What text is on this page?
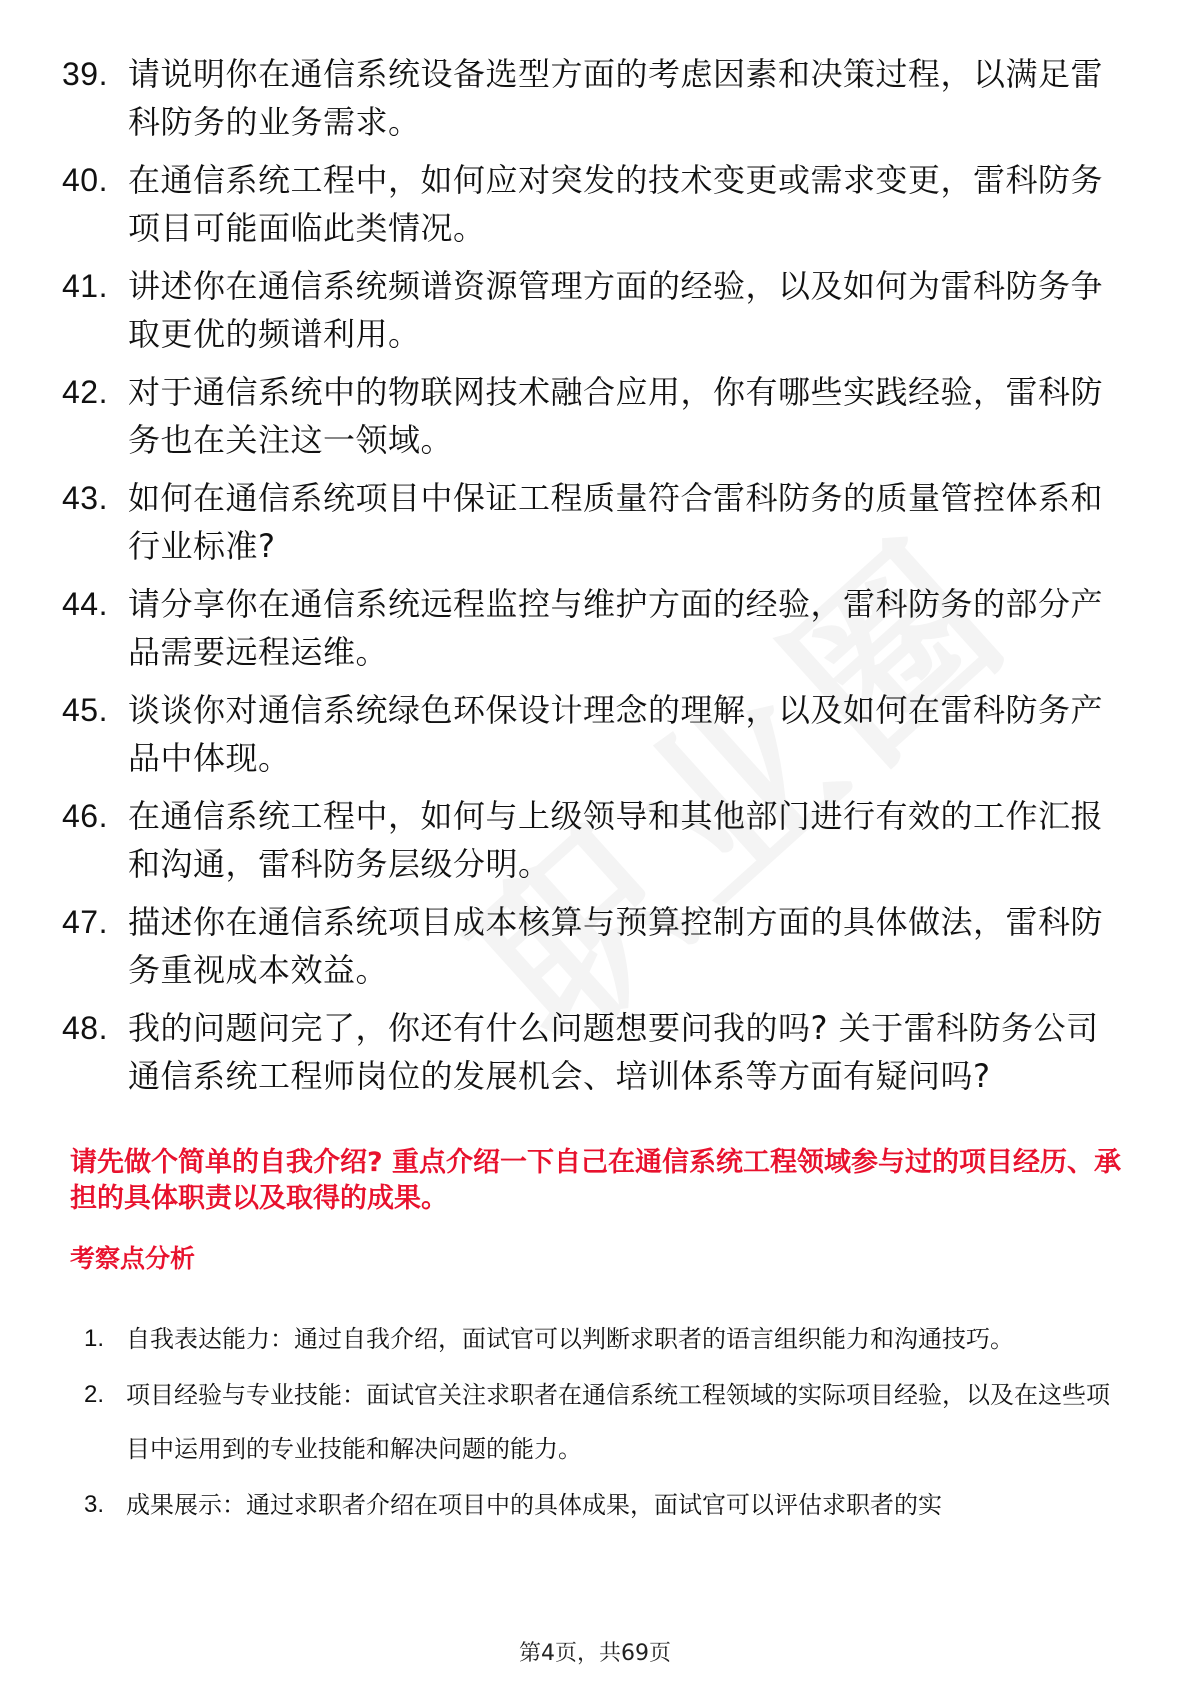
39. 请说明你在通信系统设备选型方面的考虑因素和决策过程，以满足雷科防务的业务需求。
40. 在通信系统工程中，如何应对突发的技术变更或需求变更，雷科防务项目可能面临此类情况。
41. 讲述你在通信系统频谱资源管理方面的经验，以及如何为雷科防务争取更优的频谱利用。
42. 对于通信系统中的物联网技术融合应用，你有哪些实践经验，雷科防务也在关注这一领域。
43. 如何在通信系统项目中保证工程质量符合雷科防务的质量管控体系和行业标准?
44. 请分享你在通信系统远程监控与维护方面的经验，雷科防务的部分产品需要远程运维。
45. 谈谈你对通信系统绿色环保设计理念的理解，以及如何在雷科防务产品中体现。
46. 在通信系统工程中，如何与上级领导和其他部门进行有效的工作汇报和沟通，雷科防务层级分明。
47. 描述你在通信系统项目成本核算与预算控制方面的具体做法，雷科防务重视成本效益。
48. 我的问题问完了，你还有什么问题想要问我的吗? 关于雷科防务公司通信系统工程师岗位的发展机会、培训体系等方面有疑问吗?
请先做个简单的自我介绍? 重点介绍一下自己在通信系统工程领域参与过的项目经历、承担的具体职责以及取得的成果。
考察点分析
1. 自我表达能力：通过自我介绍，面试官可以判断求职者的语言组织能力和沟通技巧。
2. 项目经验与专业技能：面试官关注求职者在通信系统工程领域的实际项目经验，以及在这些项目中运用到的专业技能和解决问题的能力。
3. 成果展示：通过求职者介绍在项目中的具体成果，面试官可以评估求职者的实
第4页，共69页
